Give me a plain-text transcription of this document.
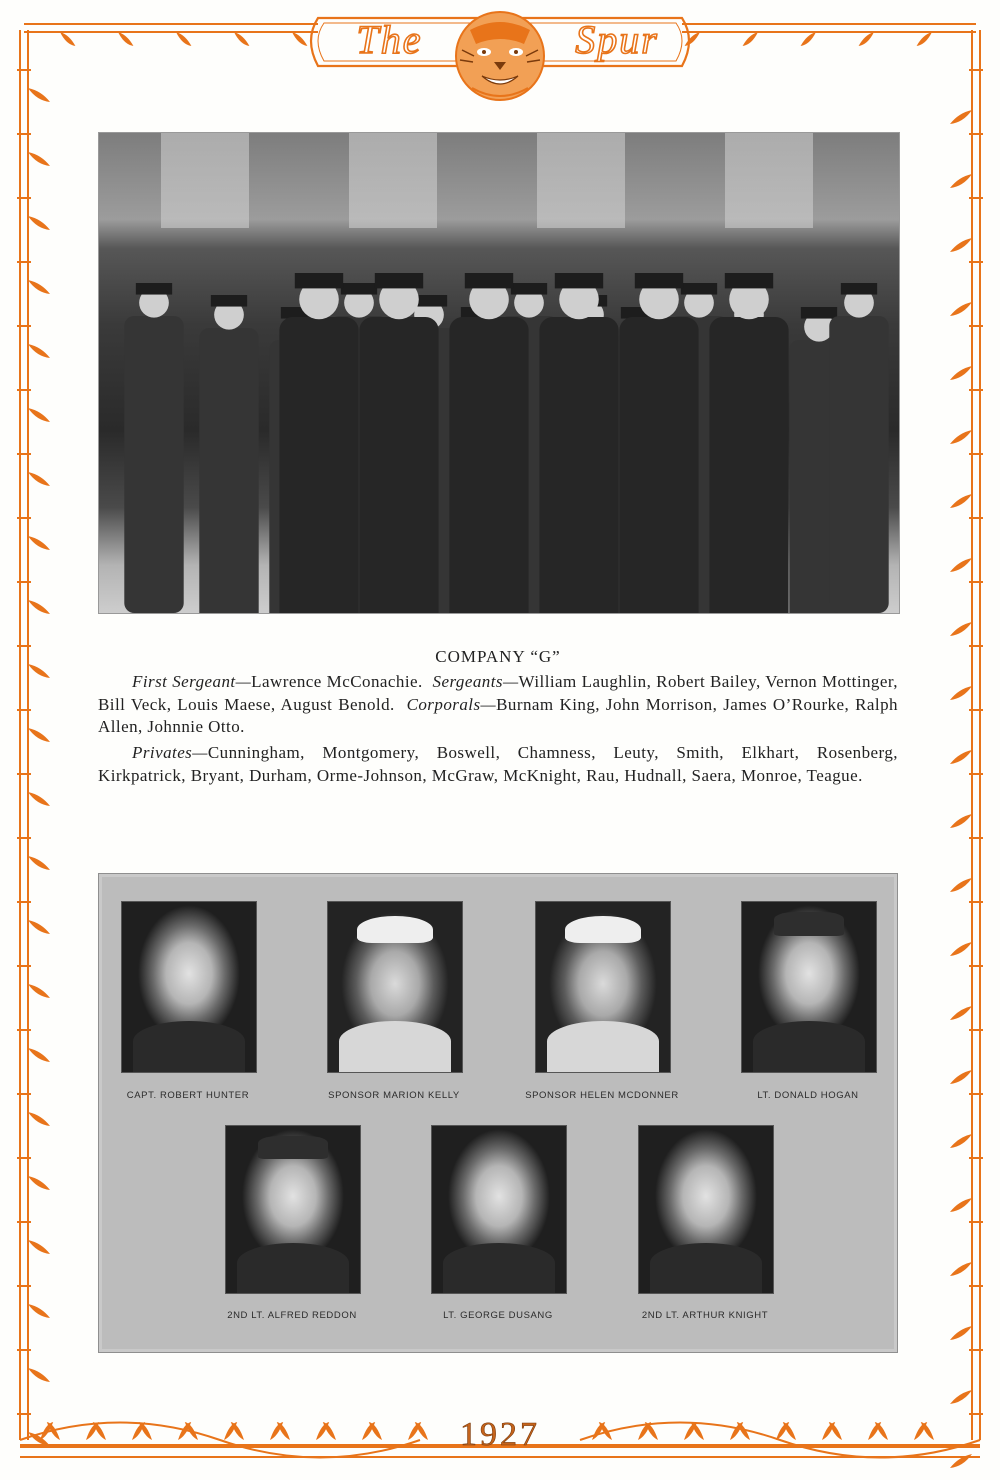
The	Spur
COMPANY “G”

First Sergeant—Lawrence McConachie. Sergeants—William Laughlin, Robert Bailey, Vernon Mottinger, Bill Veck, Louis Maese, August Benold. Corporals—Burnam King, John Morrison, James O’Rourke, Ralph Allen, Johnnie Otto.

Privates—Cunningham, Montgomery, Boswell, Chamness, Leuty, Smith, Elkhart, Rosenberg, Kirkpatrick, Bryant, Durham, Orme-Johnson, McGraw, McKnight, Rau, Hudnall, Saera, Monroe, Teague.

CAPT. ROBERT HUNTER	SPONSOR MARION KELLY	SPONSOR HELEN MCDONNER	LT. DONALD HOGAN
2ND LT. ALFRED REDDON	LT. GEORGE DUSANG	2ND LT. ARTHUR KNIGHT
1927
